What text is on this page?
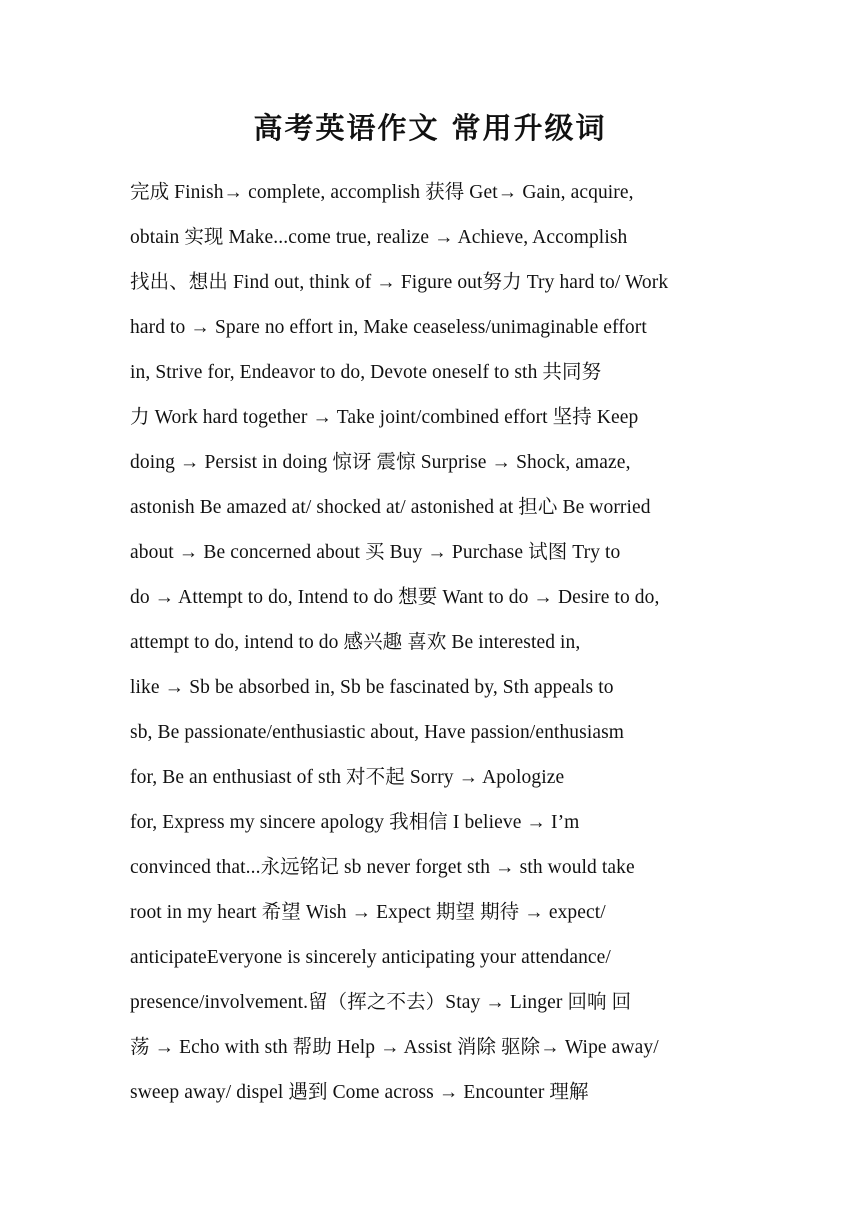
高考英语作文 常用升级词
完成 Finish→ complete, accomplish 获得 Get→ Gain, acquire,
obtain 实现 Make...come true, realize → Achieve, Accomplish
找出、想出 Find out, think of → Figure out努力 Try hard to/ Work
hard to → Spare no effort in, Make ceaseless/unimaginable effort
in, Strive for, Endeavor to do, Devote oneself to sth 共同努
力 Work hard together → Take joint/combined effort 坚持 Keep
doing → Persist in doing 惊讶 震惊 Surprise → Shock, amaze,
astonish Be amazed at/ shocked at/ astonished at 担心 Be worried
about → Be concerned about 买 Buy → Purchase 试图 Try to
do → Attempt to do, Intend to do 想要 Want to do → Desire to do,
attempt to do, intend to do 感兴趣 喜欢 Be interested in,
like → Sb be absorbed in, Sb be fascinated by, Sth appeals to
sb, Be passionate/enthusiastic about, Have passion/enthusiasm
for, Be an enthusiast of sth 对不起 Sorry → Apologize
for, Express my sincere apology 我相信 I believe → I’m
convinced that...永远铭记 sb never forget sth → sth would take
root in my heart 希望 Wish → Expect 期望 期待 → expect/
anticipateEveryone is sincerely anticipating your attendance/
presence/involvement.留（挥之不去）Stay → Linger 回响 回
荡 → Echo with sth 帮助 Help → Assist 消除 驱除→ Wipe away/
sweep away/ dispel 遇到 Come across → Encounter 理解
